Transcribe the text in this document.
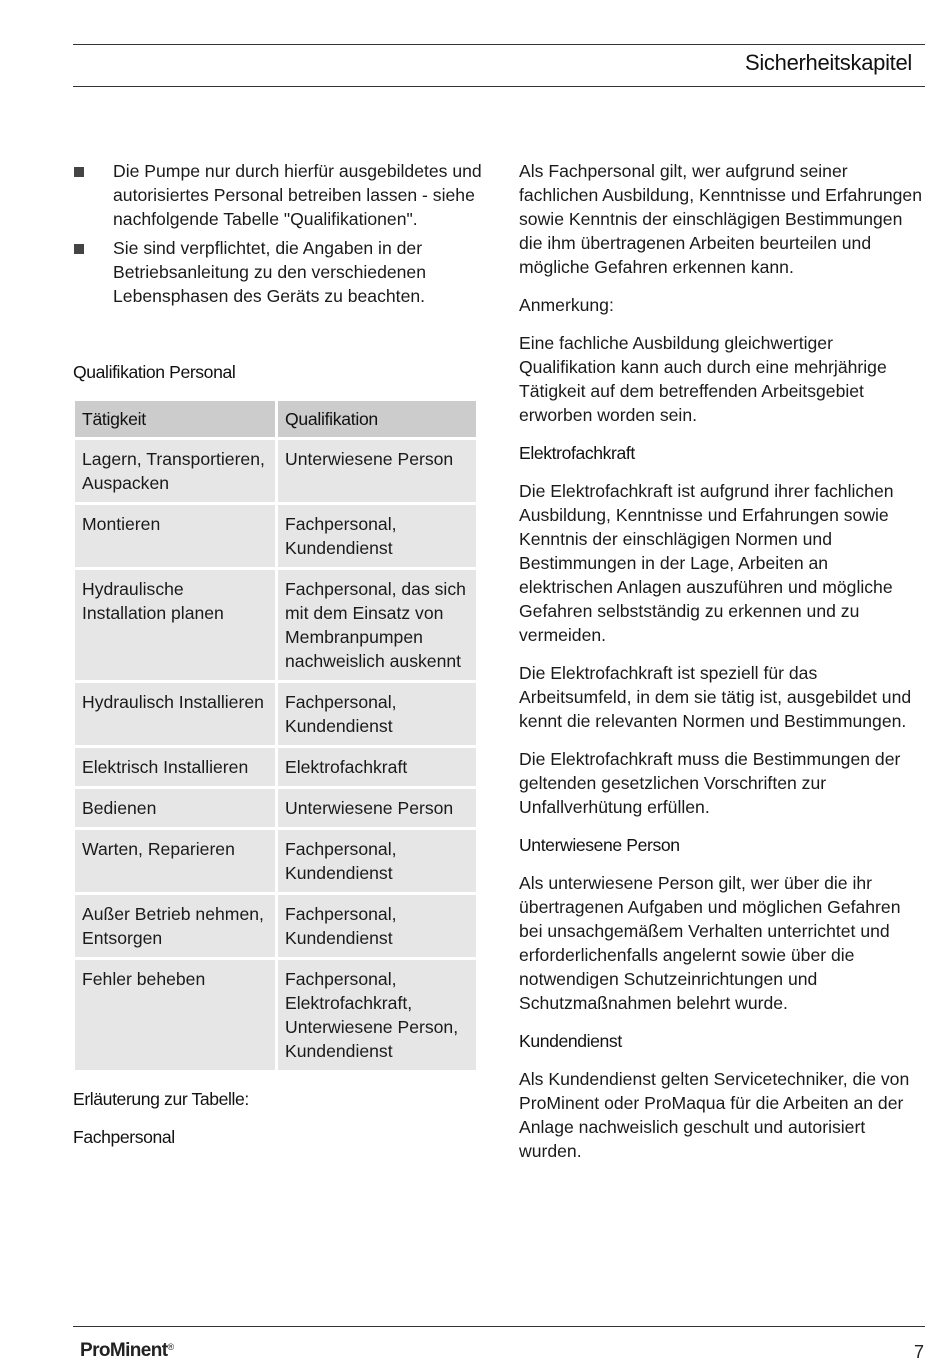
Sicherheitskapitel

Die Pumpe nur durch hierfür ausgebildetes und autorisiertes Personal betreiben lassen - siehe nachfolgende Tabelle "Qualifikationen".

Sie sind verpflichtet, die Angaben in der Betriebsanleitung zu den verschiedenen Lebensphasen des Geräts zu beachten.

Qualifikation Personal
Tätigkeit	Qualifikation
Lagern, Transportieren, Auspacken	Unterwiesene Person
Montieren	Fachpersonal, Kundendienst
Hydraulische Installation planen	Fachpersonal, das sich mit dem Einsatz von Membranpumpen nachweislich auskennt
Hydraulisch Installieren	Fachpersonal, Kundendienst
Elektrisch Installieren	Elektrofachkraft
Bedienen	Unterwiesene Person
Warten, Reparieren	Fachpersonal, Kundendienst
Außer Betrieb nehmen, Entsorgen	Fachpersonal, Kundendienst
Fehler beheben	Fachpersonal, Elektrofachkraft, Unterwiesene Person, Kundendienst
Erläuterung zur Tabelle:
Fachpersonal

Als Fachpersonal gilt, wer aufgrund seiner fachlichen Ausbildung, Kenntnisse und Erfahrungen sowie Kenntnis der einschlägigen Bestimmungen die ihm übertragenen Arbeiten beurteilen und mögliche Gefahren erkennen kann.

Anmerkung:

Eine fachliche Ausbildung gleichwertiger Qualifikation kann auch durch eine mehrjährige Tätigkeit auf dem betreffenden Arbeitsgebiet erworben worden sein.

Elektrofachkraft

Die Elektrofachkraft ist aufgrund ihrer fachlichen Ausbildung, Kenntnisse und Erfahrungen sowie Kenntnis der einschlägigen Normen und Bestimmungen in der Lage, Arbeiten an elektrischen Anlagen auszuführen und mögliche Gefahren selbstständig zu erkennen und zu vermeiden.

Die Elektrofachkraft ist speziell für das Arbeitsumfeld, in dem sie tätig ist, ausgebildet und kennt die relevanten Normen und Bestimmungen.

Die Elektrofachkraft muss die Bestimmungen der geltenden gesetzlichen Vorschriften zur Unfallverhütung erfüllen.

Unterwiesene Person

Als unterwiesene Person gilt, wer über die ihr übertragenen Aufgaben und möglichen Gefahren bei unsachgemäßem Verhalten unterrichtet und erforderlichenfalls angelernt sowie über die notwendigen Schutzeinrichtungen und Schutzmaßnahmen belehrt wurde.

Kundendienst

Als Kundendienst gelten Servicetechniker, die von ProMinent oder ProMaqua für die Arbeiten an der Anlage nachweislich geschult und autorisiert wurden.

ProMinent®	7
